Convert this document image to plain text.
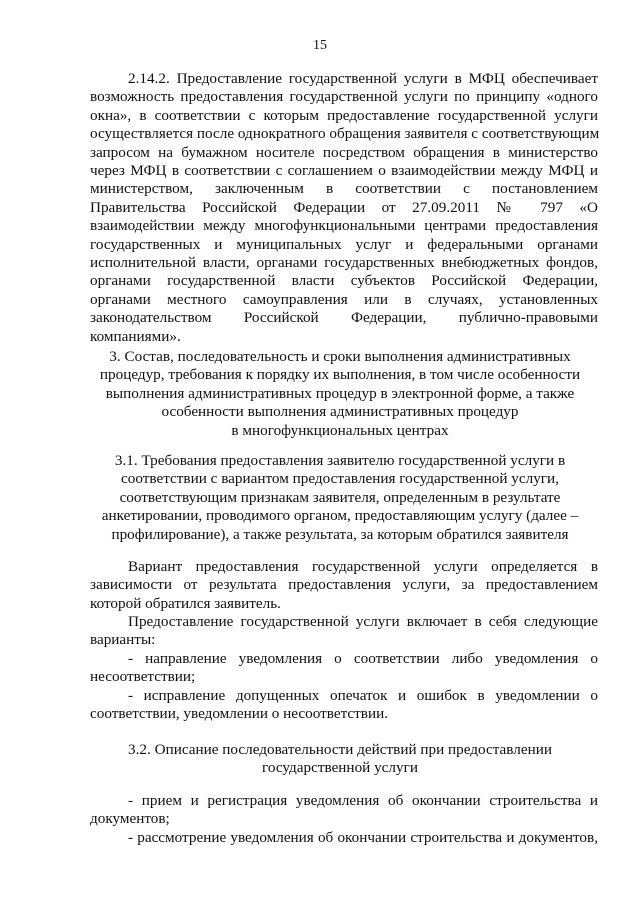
15
2.14.2. Предоставление государственной услуги в МФЦ обеспечивает
возможность предоставления государственной услуги по принципу «одного
окна», в соответствии с которым предоставление государственной услуги
осуществляется после однократного обращения заявителя с соответствующим
запросом на бумажном носителе посредством обращения в министерство
через МФЦ в соответствии с соглашением о взаимодействии между МФЦ и
министерством, заключенным в соответствии с постановлением
Правительства Российской Федерации от 27.09.2011 № 797 «О
взаимодействии между многофункциональными центрами предоставления
государственных и муниципальных услуг и федеральными органами
исполнительной власти, органами государственных внебюджетных фондов,
органами государственной власти субъектов Российской Федерации,
органами местного самоуправления или в случаях, установленных
законодательством Российской Федерации, публично-правовыми
компаниями».
3. Состав, последовательность и сроки выполнения административных
процедур, требования к порядку их выполнения, в том числе особенности
выполнения административных процедур в электронной форме, а также
особенности выполнения административных процедур
в многофункциональных центрах
3.1. Требования предоставления заявителю государственной услуги в
соответствии с вариантом предоставления государственной услуги,
соответствующим признакам заявителя, определенным в результате
анкетировании, проводимого органом, предоставляющим услугу (далее –
профилирование), а также результата, за которым обратился заявителя
Вариант предоставления государственной услуги определяется в
зависимости от результата предоставления услуги, за предоставлением
которой обратился заявитель.
Предоставление государственной услуги включает в себя следующие
варианты:
- направление уведомления о соответствии либо уведомления о
несоответствии;
- исправление допущенных опечаток и ошибок в уведомлении о
соответствии, уведомлении о несоответствии.
3.2. Описание последовательности действий при предоставлении
государственной услуги
- прием и регистрация уведомления об окончании строительства и
документов;
- рассмотрение уведомления об окончании строительства и документов,
